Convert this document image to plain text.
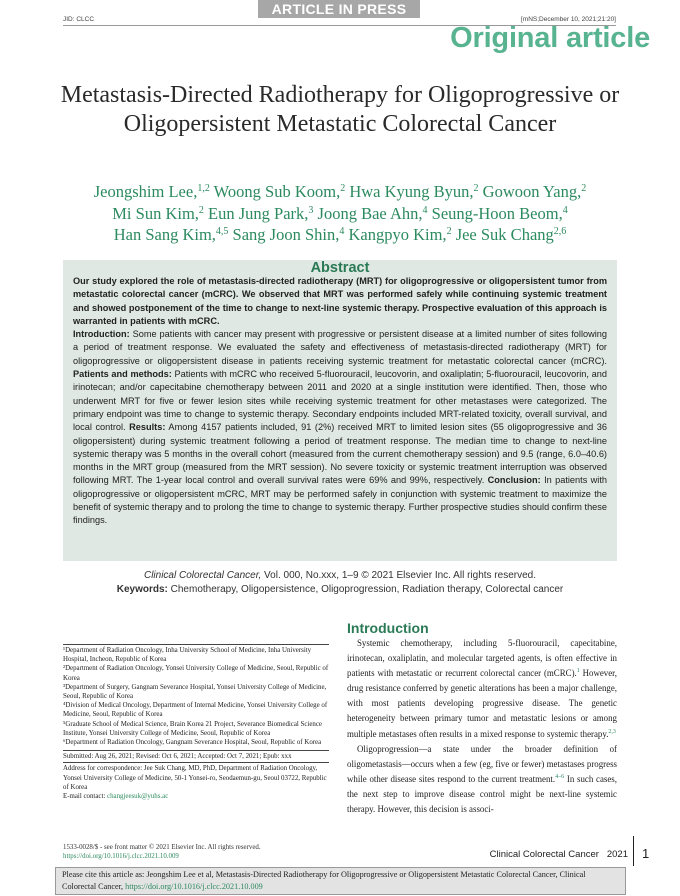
ARTICLE IN PRESS
JID: CLCC	[mNS;December 10, 2021;21:20]
Original article
Metastasis-Directed Radiotherapy for Oligoprogressive or Oligopersistent Metastatic Colorectal Cancer
Jeongshim Lee,$^{1,2}$ Woong Sub Koom,$^2$ Hwa Kyung Byun,$^2$ Gowoon Yang,$^2$
Mi Sun Kim,$^2$ Eun Jung Park,$^3$ Joong Bae Ahn,$^4$ Seung-Hoon Beom,$^4$
Han Sang Kim,$^{4,5}$ Sang Joon Shin,$^4$ Kangpyo Kim,$^2$ Jee Suk Chang$^{2,6}$
Abstract

Our study explored the role of metastasis-directed radiotherapy (MRT) for oligoprogressive or oligopersistent tumor from metastatic colorectal cancer (mCRC). We observed that MRT was performed safely while continuing systemic treatment and showed postponement of the time to change to next-line systemic therapy. Prospective evaluation of this approach is warranted in patients with mCRC.

Introduction: Some patients with cancer may present with progressive or persistent disease at a limited number of sites following a period of treatment response. We evaluated the safety and effectiveness of metastasis-directed radiotherapy (MRT) for oligoprogressive or oligopersistent disease in patients receiving systemic treatment for metastatic colorectal cancer (mCRC). Patients and methods: Patients with mCRC who received 5-fluorouracil, leucovorin, and oxaliplatin; 5-fluorouracil, leucovorin, and irinotecan; and/or capecitabine chemotherapy between 2011 and 2020 at a single institution were identified. Then, those who underwent MRT for five or fewer lesion sites while receiving systemic treatment for other metastases were categorized. The primary endpoint was time to change to systemic therapy. Secondary endpoints included MRT-related toxicity, overall survival, and local control. Results: Among 4157 patients included, 91 (2%) received MRT to limited lesion sites (55 oligoprogressive and 36 oligopersistent) during systemic treatment following a period of treatment response. The median time to change to next-line systemic therapy was 5 months in the overall cohort (measured from the current chemotherapy session) and 9.5 (range, 6.0–40.6) months in the MRT group (measured from the MRT session). No severe toxicity or systemic treatment interruption was observed following MRT. The 1-year local control and overall survival rates were 69% and 99%, respectively. Conclusion: In patients with oligoprogressive or oligopersistent mCRC, MRT may be performed safely in conjunction with systemic treatment to maximize the benefit of systemic therapy and to prolong the time to change to systemic therapy. Further prospective studies should confirm these findings.

Clinical Colorectal Cancer, Vol. 000, No.xxx, 1–9 © 2021 Elsevier Inc. All rights reserved.
Keywords: Chemotherapy, Oligopersistence, Oligoprogression, Radiation therapy, Colorectal cancer

¹Department of Radiation Oncology, Inha University School of Medicine, Inha University Hospital, Incheon, Republic of Korea

²Department of Radiation Oncology, Yonsei University College of Medicine, Seoul, Republic of Korea

³Department of Surgery, Gangnam Severance Hospital, Yonsei University College of Medicine, Seoul, Republic of Korea

⁴Division of Medical Oncology, Department of Internal Medicine, Yonsei University College of Medicine, Seoul, Republic of Korea

⁵Graduate School of Medical Science, Brain Korea 21 Project, Severance Biomedical Science Institute, Yonsei University College of Medicine, Seoul, Republic of Korea

⁶Department of Radiation Oncology, Gangnam Severance Hospital, Seoul, Republic of Korea

Submitted: Aug 26, 2021; Revised: Oct 6, 2021; Accepted: Oct 7, 2021; Epub: xxx

Address for correspondence: Jee Suk Chang, MD, PhD, Department of Radiation Oncology, Yonsei University College of Medicine, 50-1 Yonsei-ro, Seodaemun-gu, Seoul 03722, Republic of Korea

E-mail contact: changjeesuk@yuhs.ac

Introduction

Systemic chemotherapy, including 5-fluorouracil, capecitabine, irinotecan, oxaliplatin, and molecular targeted agents, is often effective in patients with metastatic or recurrent colorectal cancer (mCRC).$^1$ However, drug resistance conferred by genetic alterations has been a major challenge, with most patients developing progressive disease. The genetic heterogeneity between primary tumor and metastatic lesions or among multiple metastases often results in a mixed response to systemic therapy.$^{2,3}$

Oligoprogression—a state under the broader definition of oligometastasis—occurs when a few (eg, five or fewer) metastases progress while other disease sites respond to the current treatment.$^{4-6}$ In such cases, the next step to improve disease control might be next-line systemic therapy. However, this decision is associ-

1533-0028/$ - see front matter © 2021 Elsevier Inc. All rights reserved.
https://doi.org/10.1016/j.clcc.2021.10.009	Clinical Colorectal Cancer 2021 1
Please cite this article as: Jeongshim Lee et al, Metastasis-Directed Radiotherapy for Oligoprogressive or Oligopersistent Metastatic Colorectal Cancer, Clinical Colorectal Cancer, https://doi.org/10.1016/j.clcc.2021.10.009
